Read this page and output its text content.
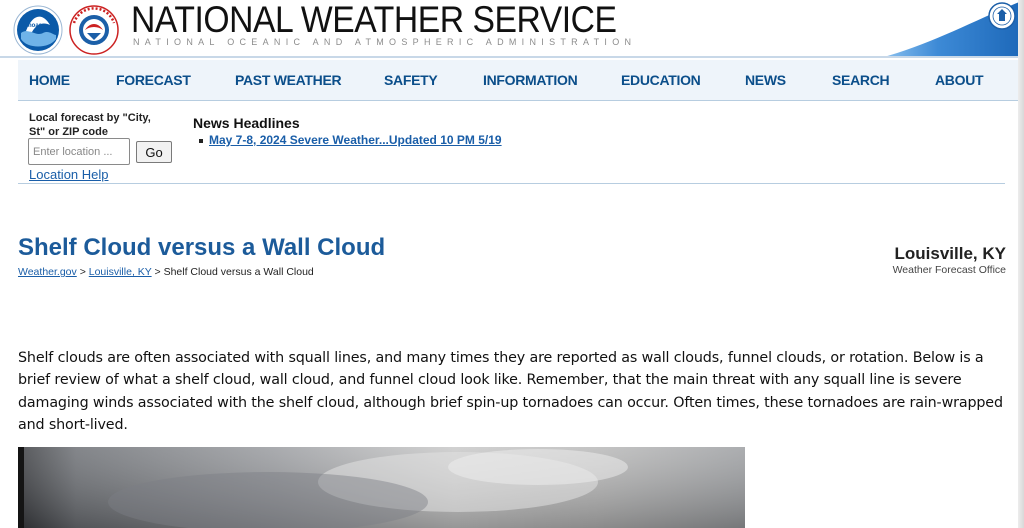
noaa NATIONAL WEATHER SERVICE
NATIONAL OCEANIC AND ATMOSPHERIC ADMINISTRATION
HOME	FORECAST	PAST WEATHER	SAFETY	INFORMATION	EDUCATION	NEWS	SEARCH	ABOUT
Local forecast by "City, St" or ZIP code
Enter location ...
Go
Location Help
News Headlines
May 7-8, 2024 Severe Weather...Updated 10 PM 5/19
Shelf Cloud versus a Wall Cloud
Weather.gov > Louisville, KY > Shelf Cloud versus a Wall Cloud
Louisville, KY
Weather Forecast Office
Shelf clouds are often associated with squall lines, and many times they are reported as wall clouds, funnel clouds, or rotation. Below is a brief review of what a shelf cloud, wall cloud, and funnel cloud look like. Remember, that the main threat with any squall line is severe damaging winds associated with the shelf cloud, although brief spin-up tornadoes can occur. Often times, these tornadoes are rain-wrapped and short-lived.
